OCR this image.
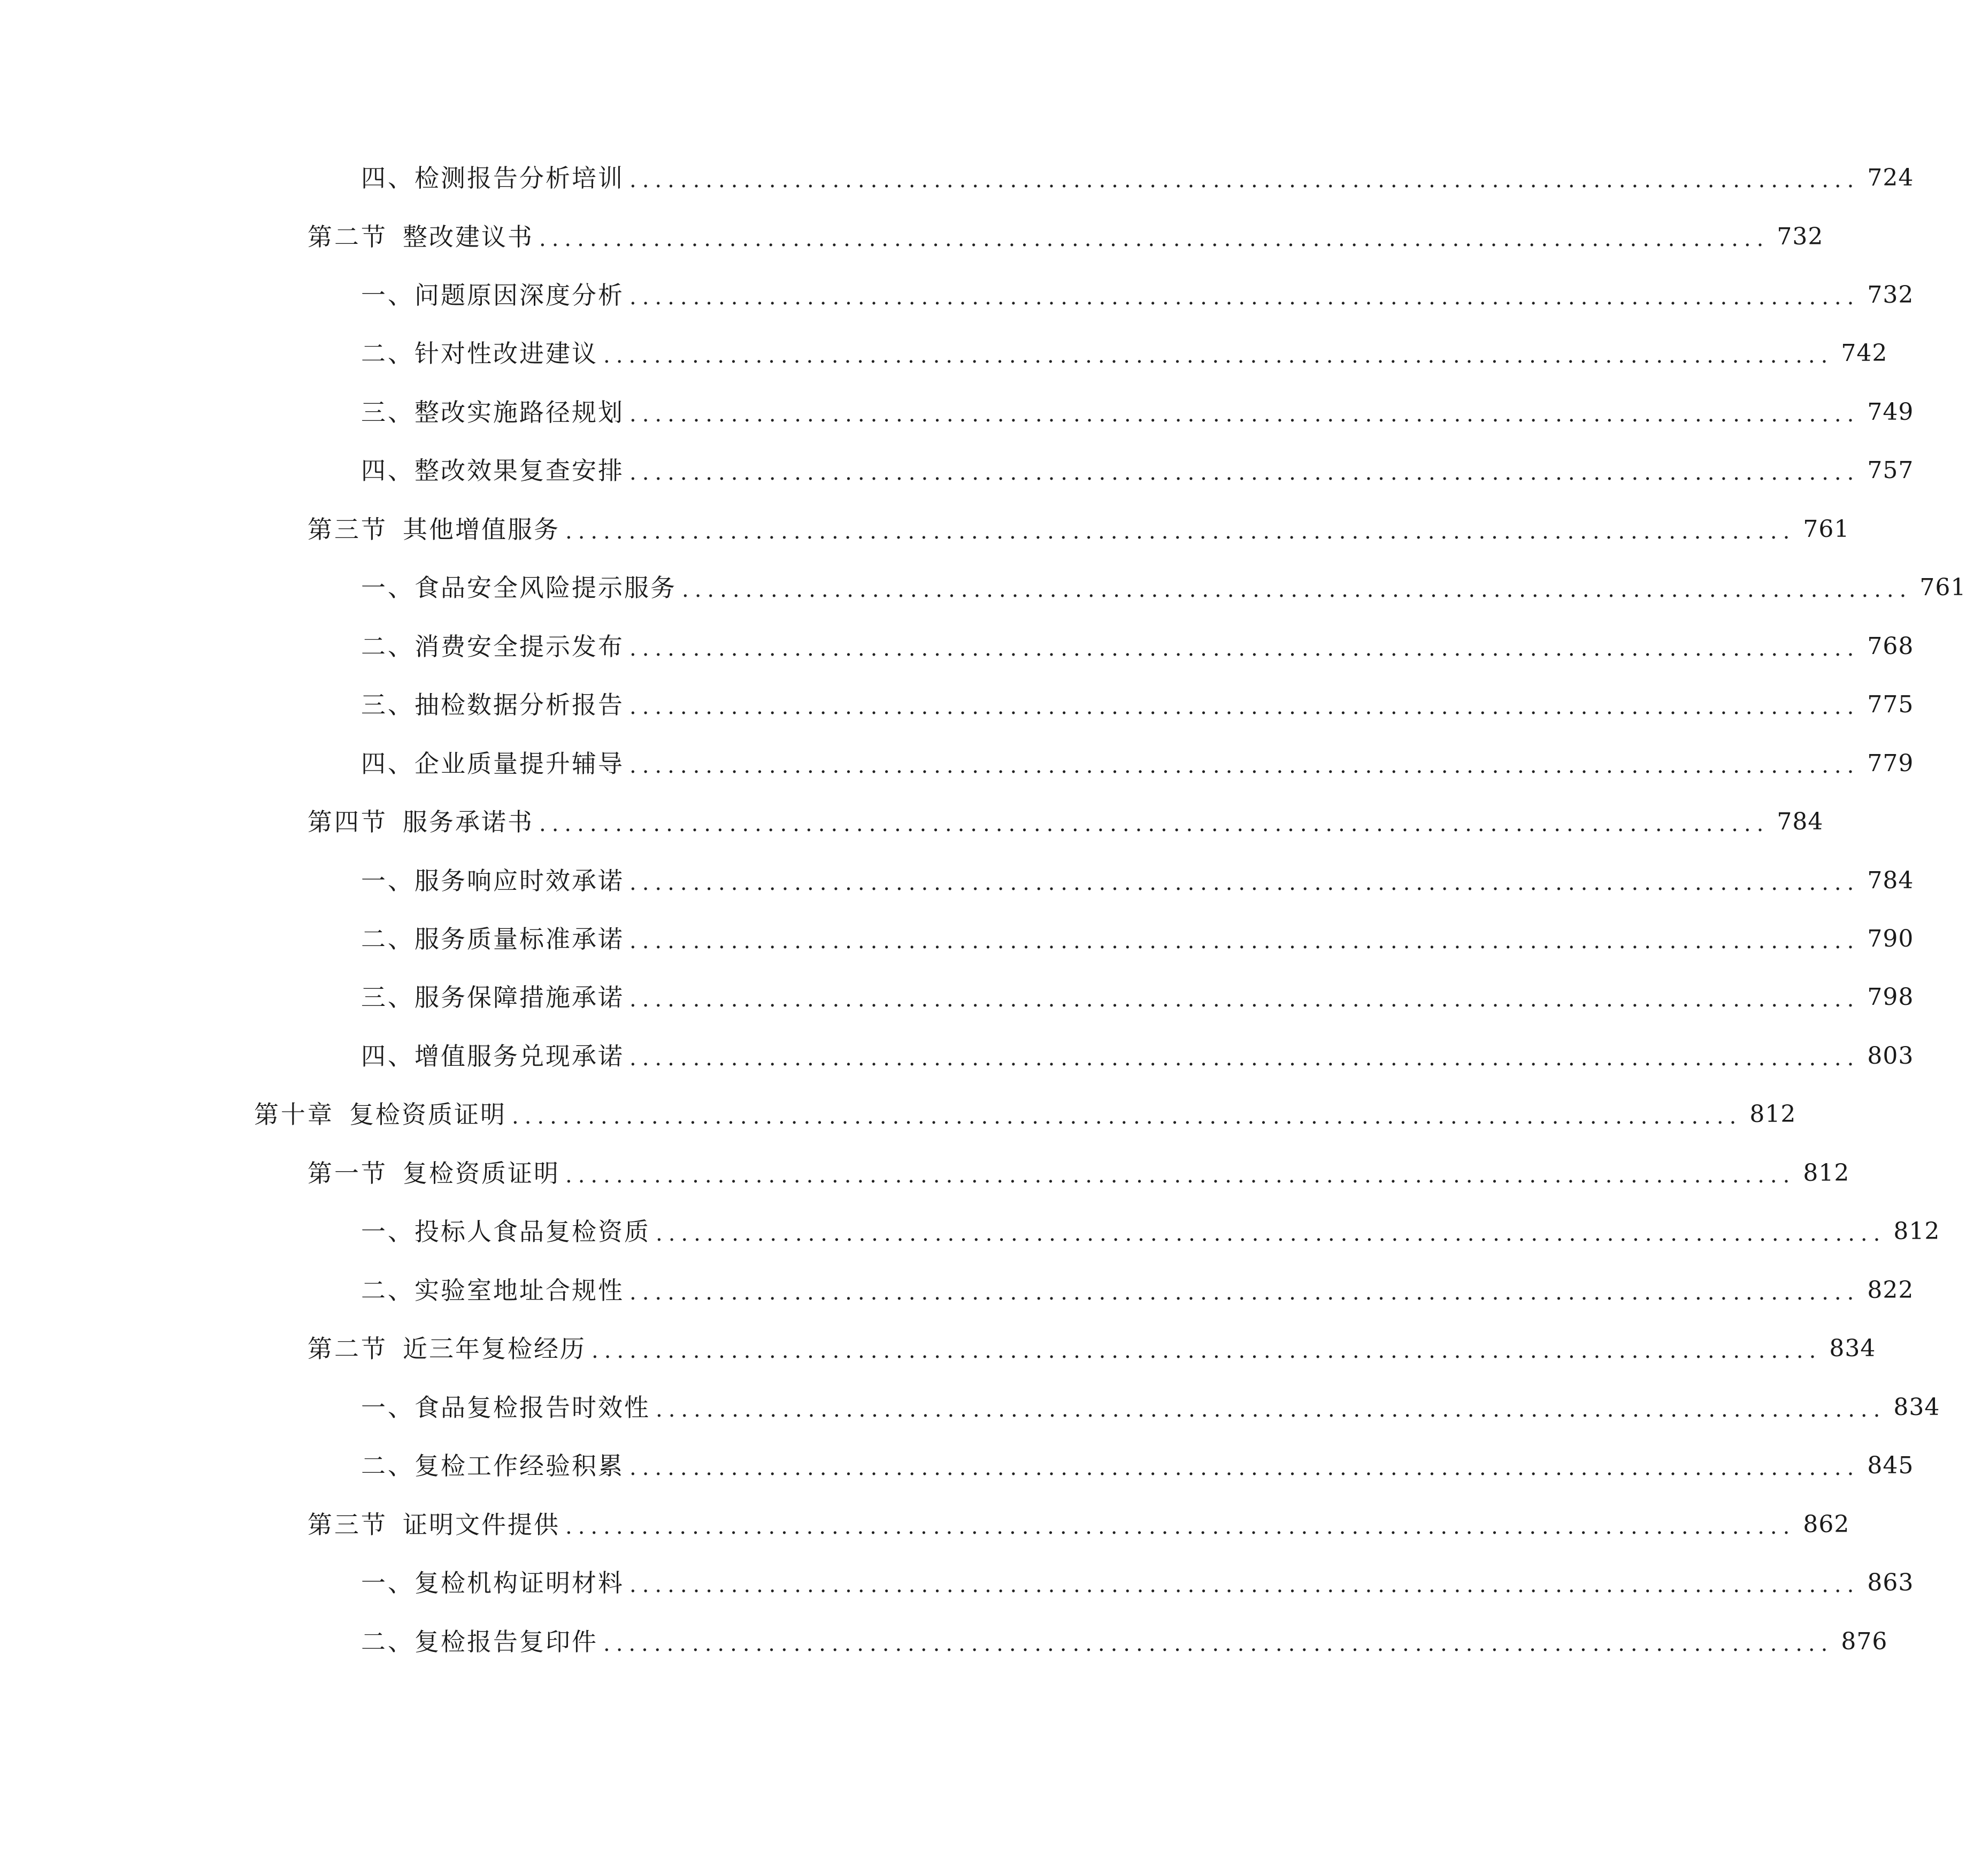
四、 检测报告分析培训 ................................................................................................. 724
第二节 整改建议书 ................................................................................................. 732
一、 问题原因深度分析 ................................................................................................. 732
二、 针对性改进建议 ................................................................................................. 742
三、 整改实施路径规划 ................................................................................................. 749
四、 整改效果复查安排 ................................................................................................. 757
第三节 其他增值服务 ................................................................................................. 761
一、 食品安全风险提示服务 ................................................................................................. 761
二、 消费安全提示发布 ................................................................................................. 768
三、 抽检数据分析报告 ................................................................................................. 775
四、 企业质量提升辅导 ................................................................................................. 779
第四节 服务承诺书 ................................................................................................. 784
一、 服务响应时效承诺 ................................................................................................. 784
二、 服务质量标准承诺 ................................................................................................. 790
三、 服务保障措施承诺 ................................................................................................. 798
四、 增值服务兑现承诺 ................................................................................................. 803
第十章 复检资质证明 ................................................................................................. 812
第一节 复检资质证明 ................................................................................................. 812
一、 投标人食品复检资质 ................................................................................................. 812
二、 实验室地址合规性 ................................................................................................. 822
第二节 近三年复检经历 ................................................................................................. 834
一、 食品复检报告时效性 ................................................................................................. 834
二、 复检工作经验积累 ................................................................................................. 845
第三节 证明文件提供 ................................................................................................. 862
一、 复检机构证明材料 ................................................................................................. 863
二、 复检报告复印件 ................................................................................................. 876
